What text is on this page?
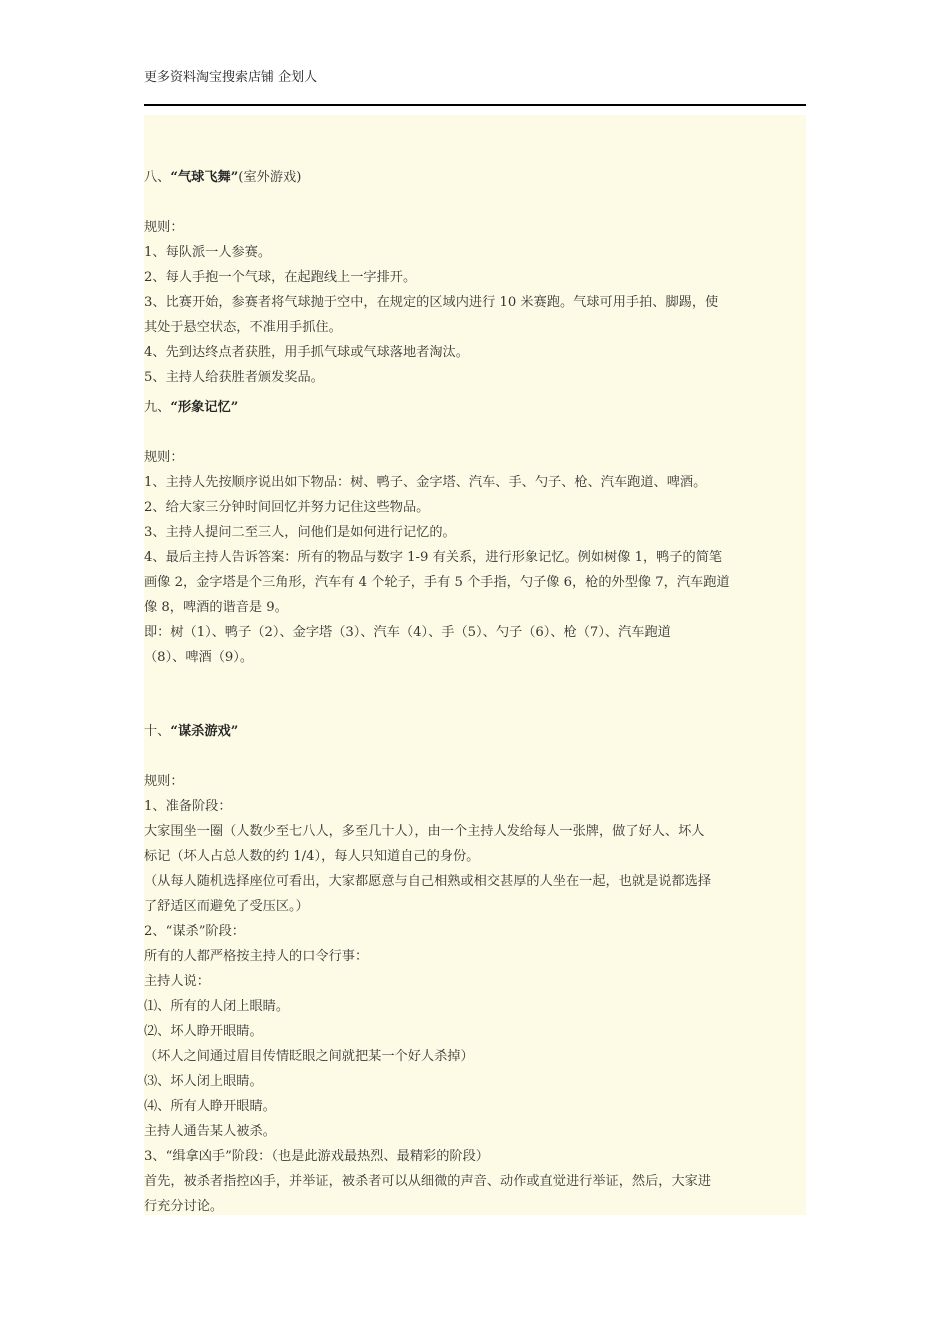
更多资料淘宝搜索店铺 企划人
八、“气球飞舞”(室外游戏)
规则：
1、每队派一人参赛。
2、每人手抱一个气球，在起跑线上一字排开。
3、比赛开始，参赛者将气球抛于空中，在规定的区域内进行 10 米赛跑。气球可用手拍、脚踢，使
其处于悬空状态，不准用手抓住。
4、先到达终点者获胜，用手抓气球或气球落地者淘汰。
5、主持人给获胜者颁发奖品。
九、“形象记忆”
规则：
1、主持人先按顺序说出如下物品：树、鸭子、金字塔、汽车、手、勺子、枪、汽车跑道、啤酒。
2、给大家三分钟时间回忆并努力记住这些物品。
3、主持人提问二至三人，问他们是如何进行记忆的。
4、最后主持人告诉答案：所有的物品与数字 1-9 有关系，进行形象记忆。例如树像 1，鸭子的简笔
画像 2，金字塔是个三角形，汽车有 4 个轮子，手有 5 个手指，勺子像 6，枪的外型像 7，汽车跑道
像 8，啤酒的谐音是 9。
即：树（1）、鸭子（2）、金字塔（3）、汽车（4）、手（5）、勺子（6）、枪（7）、汽车跑道
（8）、啤酒（9）。
十、“谋杀游戏”
规则：
1、准备阶段：
大家围坐一圈（人数少至七八人，多至几十人），由一个主持人发给每人一张牌，做了好人、坏人
标记（坏人占总人数的约 1/4），每人只知道自己的身份。
（从每人随机选择座位可看出，大家都愿意与自己相熟或相交甚厚的人坐在一起，也就是说都选择
了舒适区而避免了受压区。）
2、“谋杀”阶段：
所有的人都严格按主持人的口令行事：
主持人说：
⑴、所有的人闭上眼睛。
⑵、坏人睁开眼睛。
（坏人之间通过眉目传情眨眼之间就把某一个好人杀掉）
⑶、坏人闭上眼睛。
⑷、所有人睁开眼睛。
主持人通告某人被杀。
3、“缉拿凶手”阶段：（也是此游戏最热烈、最精彩的阶段）
首先，被杀者指控凶手，并举证，被杀者可以从细微的声音、动作或直觉进行举证，然后，大家进
行充分讨论。
